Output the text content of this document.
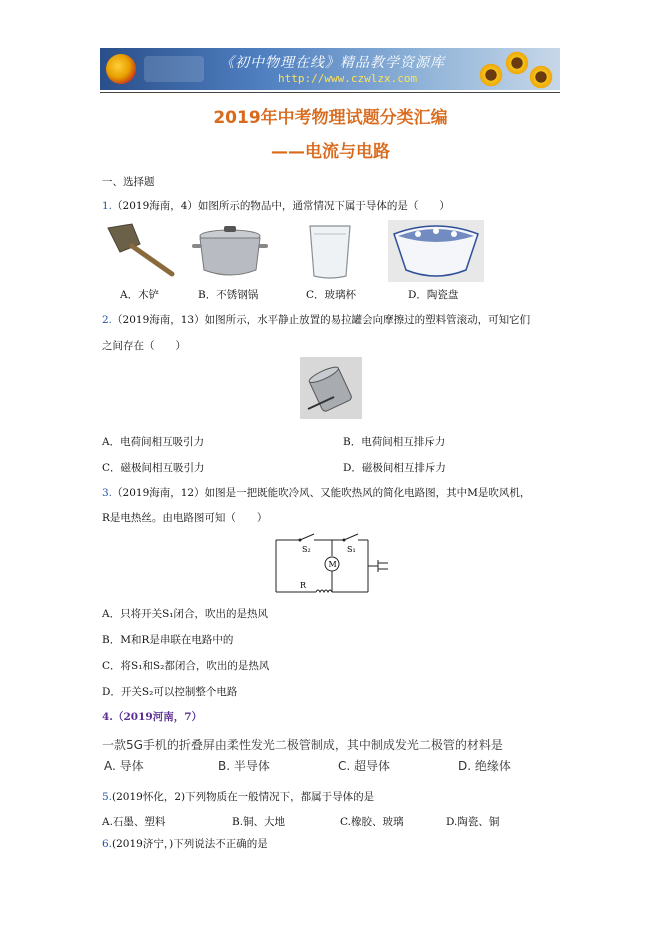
《初中物理在线》精品教学资源库
http://www.czwlzx.com
2019年中考物理试题分类汇编
——电流与电路
一、选择题
1.（2019海南，4）如图所示的物品中，通常情况下属于导体的是（　　）
A．木铲	B．不锈钢锅	C．玻璃杯	D．陶瓷盘
2.（2019海南，13）如图所示，水平静止放置的易拉罐会向摩擦过的塑料管滚动，可知它们
之间存在（　　）
A．电荷间相互吸引力	B．电荷间相互排斥力
C．磁极间相互吸引力	D．磁极间相互排斥力
3.（2019海南，12）如图是一把既能吹冷风、又能吹热风的简化电路图，其中M是吹风机，
R是电热丝。由电路图可知（　　）
S₂	S₁
M
R
A．只将开关S₁闭合，吹出的是热风
B．M和R是串联在电路中的
C．将S₁和S₂都闭合，吹出的是热风
D．开关S₂可以控制整个电路
4.（2019河南，7）
一款5G手机的折叠屏由柔性发光二极管制成，其中制成发光二极管的材料是
A. 导体	B. 半导体	C. 超导体	D. 绝缘体
5.(2019怀化，2)下列物质在一般情况下，都属于导体的是
A.石墨、塑料	B.铜、大地	C.橡胶、玻璃	D.陶瓷、铜
6.(2019济宁，)下列说法不正确的是
